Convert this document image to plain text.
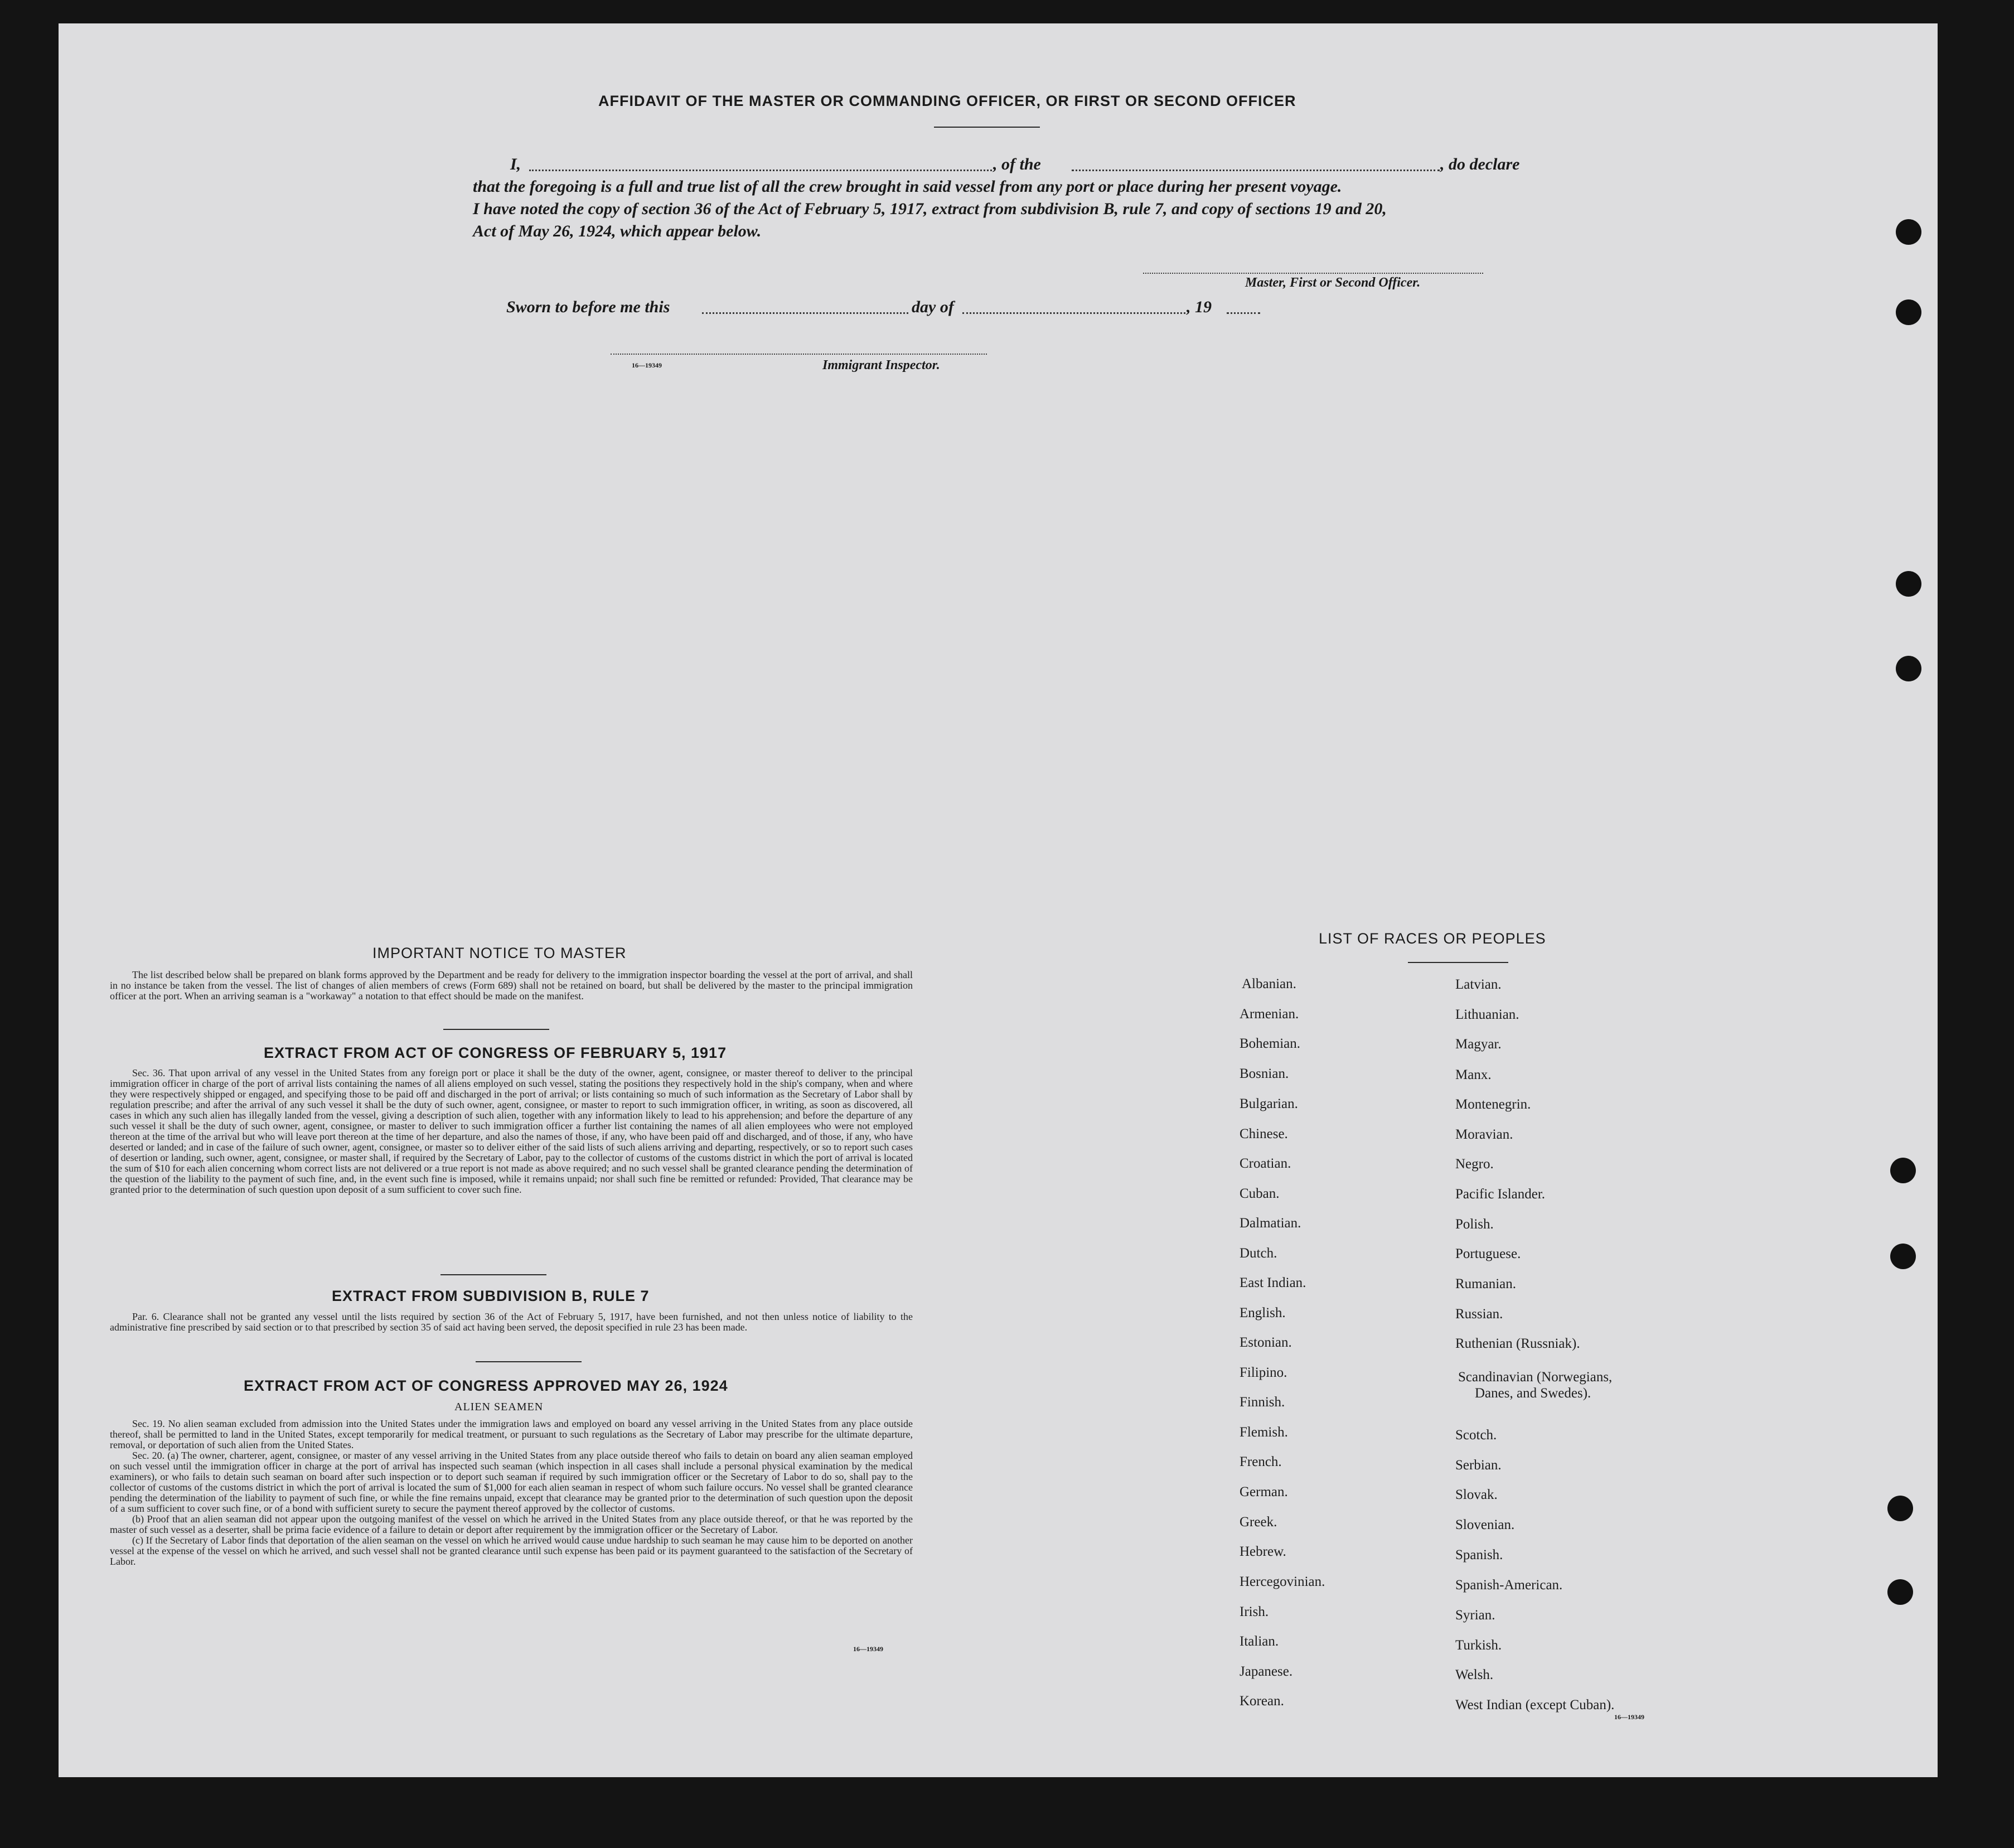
AFFIDAVIT OF THE MASTER OR COMMANDING OFFICER, OR FIRST OR SECOND OFFICER
I,	, of the	, do declare
that the foregoing is a full and true list of all the crew brought in said vessel from any port or place during her present voyage.
I have noted the copy of section 36 of the Act of February 5, 1917, extract from subdivision B, rule 7, and copy of sections 19 and 20,
Act of May 26, 1924, which appear below.
Master, First or Second Officer.
Sworn to before me this	day of	, 19
16—19349	Immigrant Inspector.
IMPORTANT NOTICE TO MASTER

The list described below shall be prepared on blank forms approved by the Department and be ready for delivery to the immigration inspector boarding the vessel at the port of arrival, and shall in no instance be taken from the vessel. The list of changes of alien members of crews (Form 689) shall not be retained on board, but shall be delivered by the master to the principal immigration officer at the port. When an arriving seaman is a "workaway" a notation to that effect should be made on the manifest.

EXTRACT FROM ACT OF CONGRESS OF FEBRUARY 5, 1917

Sec. 36. That upon arrival of any vessel in the United States from any foreign port or place it shall be the duty of the owner, agent, consignee, or master thereof to deliver to the principal immigration officer in charge of the port of arrival lists containing the names of all aliens employed on such vessel, stating the positions they respectively hold in the ship's company, when and where they were respectively shipped or engaged, and specifying those to be paid off and discharged in the port of arrival; or lists containing so much of such information as the Secretary of Labor shall by regulation prescribe; and after the arrival of any such vessel it shall be the duty of such owner, agent, consignee, or master to report to such immigration officer, in writing, as soon as discovered, all cases in which any such alien has illegally landed from the vessel, giving a description of such alien, together with any information likely to lead to his apprehension; and before the departure of any such vessel it shall be the duty of such owner, agent, consignee, or master to deliver to such immigration officer a further list containing the names of all alien employees who were not employed thereon at the time of the arrival but who will leave port thereon at the time of her departure, and also the names of those, if any, who have been paid off and discharged, and of those, if any, who have deserted or landed; and in case of the failure of such owner, agent, consignee, or master so to deliver either of the said lists of such aliens arriving and departing, respectively, or so to report such cases of desertion or landing, such owner, agent, consignee, or master shall, if required by the Secretary of Labor, pay to the collector of customs of the customs district in which the port of arrival is located the sum of $10 for each alien concerning whom correct lists are not delivered or a true report is not made as above required; and no such vessel shall be granted clearance pending the determination of the question of the liability to the payment of such fine, and, in the event such fine is imposed, while it remains unpaid; nor shall such fine be remitted or refunded: Provided, That clearance may be granted prior to the determination of such question upon deposit of a sum sufficient to cover such fine.

EXTRACT FROM SUBDIVISION B, RULE 7

Par. 6. Clearance shall not be granted any vessel until the lists required by section 36 of the Act of February 5, 1917, have been furnished, and not then unless notice of liability to the administrative fine prescribed by said section or to that prescribed by section 35 of said act having been served, the deposit specified in rule 23 has been made.

EXTRACT FROM ACT OF CONGRESS APPROVED MAY 26, 1924
ALIEN SEAMEN

Sec. 19. No alien seaman excluded from admission into the United States under the immigration laws and employed on board any vessel arriving in the United States from any place outside thereof, shall be permitted to land in the United States, except temporarily for medical treatment, or pursuant to such regulations as the Secretary of Labor may prescribe for the ultimate departure, removal, or deportation of such alien from the United States.

Sec. 20. (a) The owner, charterer, agent, consignee, or master of any vessel arriving in the United States from any place outside thereof who fails to detain on board any alien seaman employed on such vessel until the immigration officer in charge at the port of arrival has inspected such seaman (which inspection in all cases shall include a personal physical examination by the medical examiners), or who fails to detain such seaman on board after such inspection or to deport such seaman if required by such immigration officer or the Secretary of Labor to do so, shall pay to the collector of customs of the customs district in which the port of arrival is located the sum of $1,000 for each alien seaman in respect of whom such failure occurs. No vessel shall be granted clearance pending the determination of the liability to payment of such fine, or while the fine remains unpaid, except that clearance may be granted prior to the determination of such question upon the deposit of a sum sufficient to cover such fine, or of a bond with sufficient surety to secure the payment thereof approved by the collector of customs.

(b) Proof that an alien seaman did not appear upon the outgoing manifest of the vessel on which he arrived in the United States from any place outside thereof, or that he was reported by the master of such vessel as a deserter, shall be prima facie evidence of a failure to detain or deport after requirement by the immigration officer or the Secretary of Labor.

(c) If the Secretary of Labor finds that deportation of the alien seaman on the vessel on which he arrived would cause undue hardship to such seaman he may cause him to be deported on another vessel at the expense of the vessel on which he arrived, and such vessel shall not be granted clearance until such expense has been paid or its payment guaranteed to the satisfaction of the Secretary of Labor.

16—19349
LIST OF RACES OR PEOPLES
Albanian.
Armenian.
Bohemian.
Bosnian.
Bulgarian.
Chinese.
Croatian.
Cuban.
Dalmatian.
Dutch.
East Indian.
English.
Estonian.
Filipino.
Finnish.
Flemish.
French.
German.
Greek.
Hebrew.
Hercegovinian.
Irish.
Italian.
Japanese.
Korean.
Latvian.
Lithuanian.
Magyar.
Manx.
Montenegrin.
Moravian.
Negro.
Pacific Islander.
Polish.
Portuguese.
Rumanian.
Russian.
Ruthenian (Russniak).
Scandinavian (Norwegians,
Danes, and Swedes).
Scotch.
Serbian.
Slovak.
Slovenian.
Spanish.
Spanish-American.
Syrian.
Turkish.
Welsh.
West Indian (except Cuban).
16—19349
